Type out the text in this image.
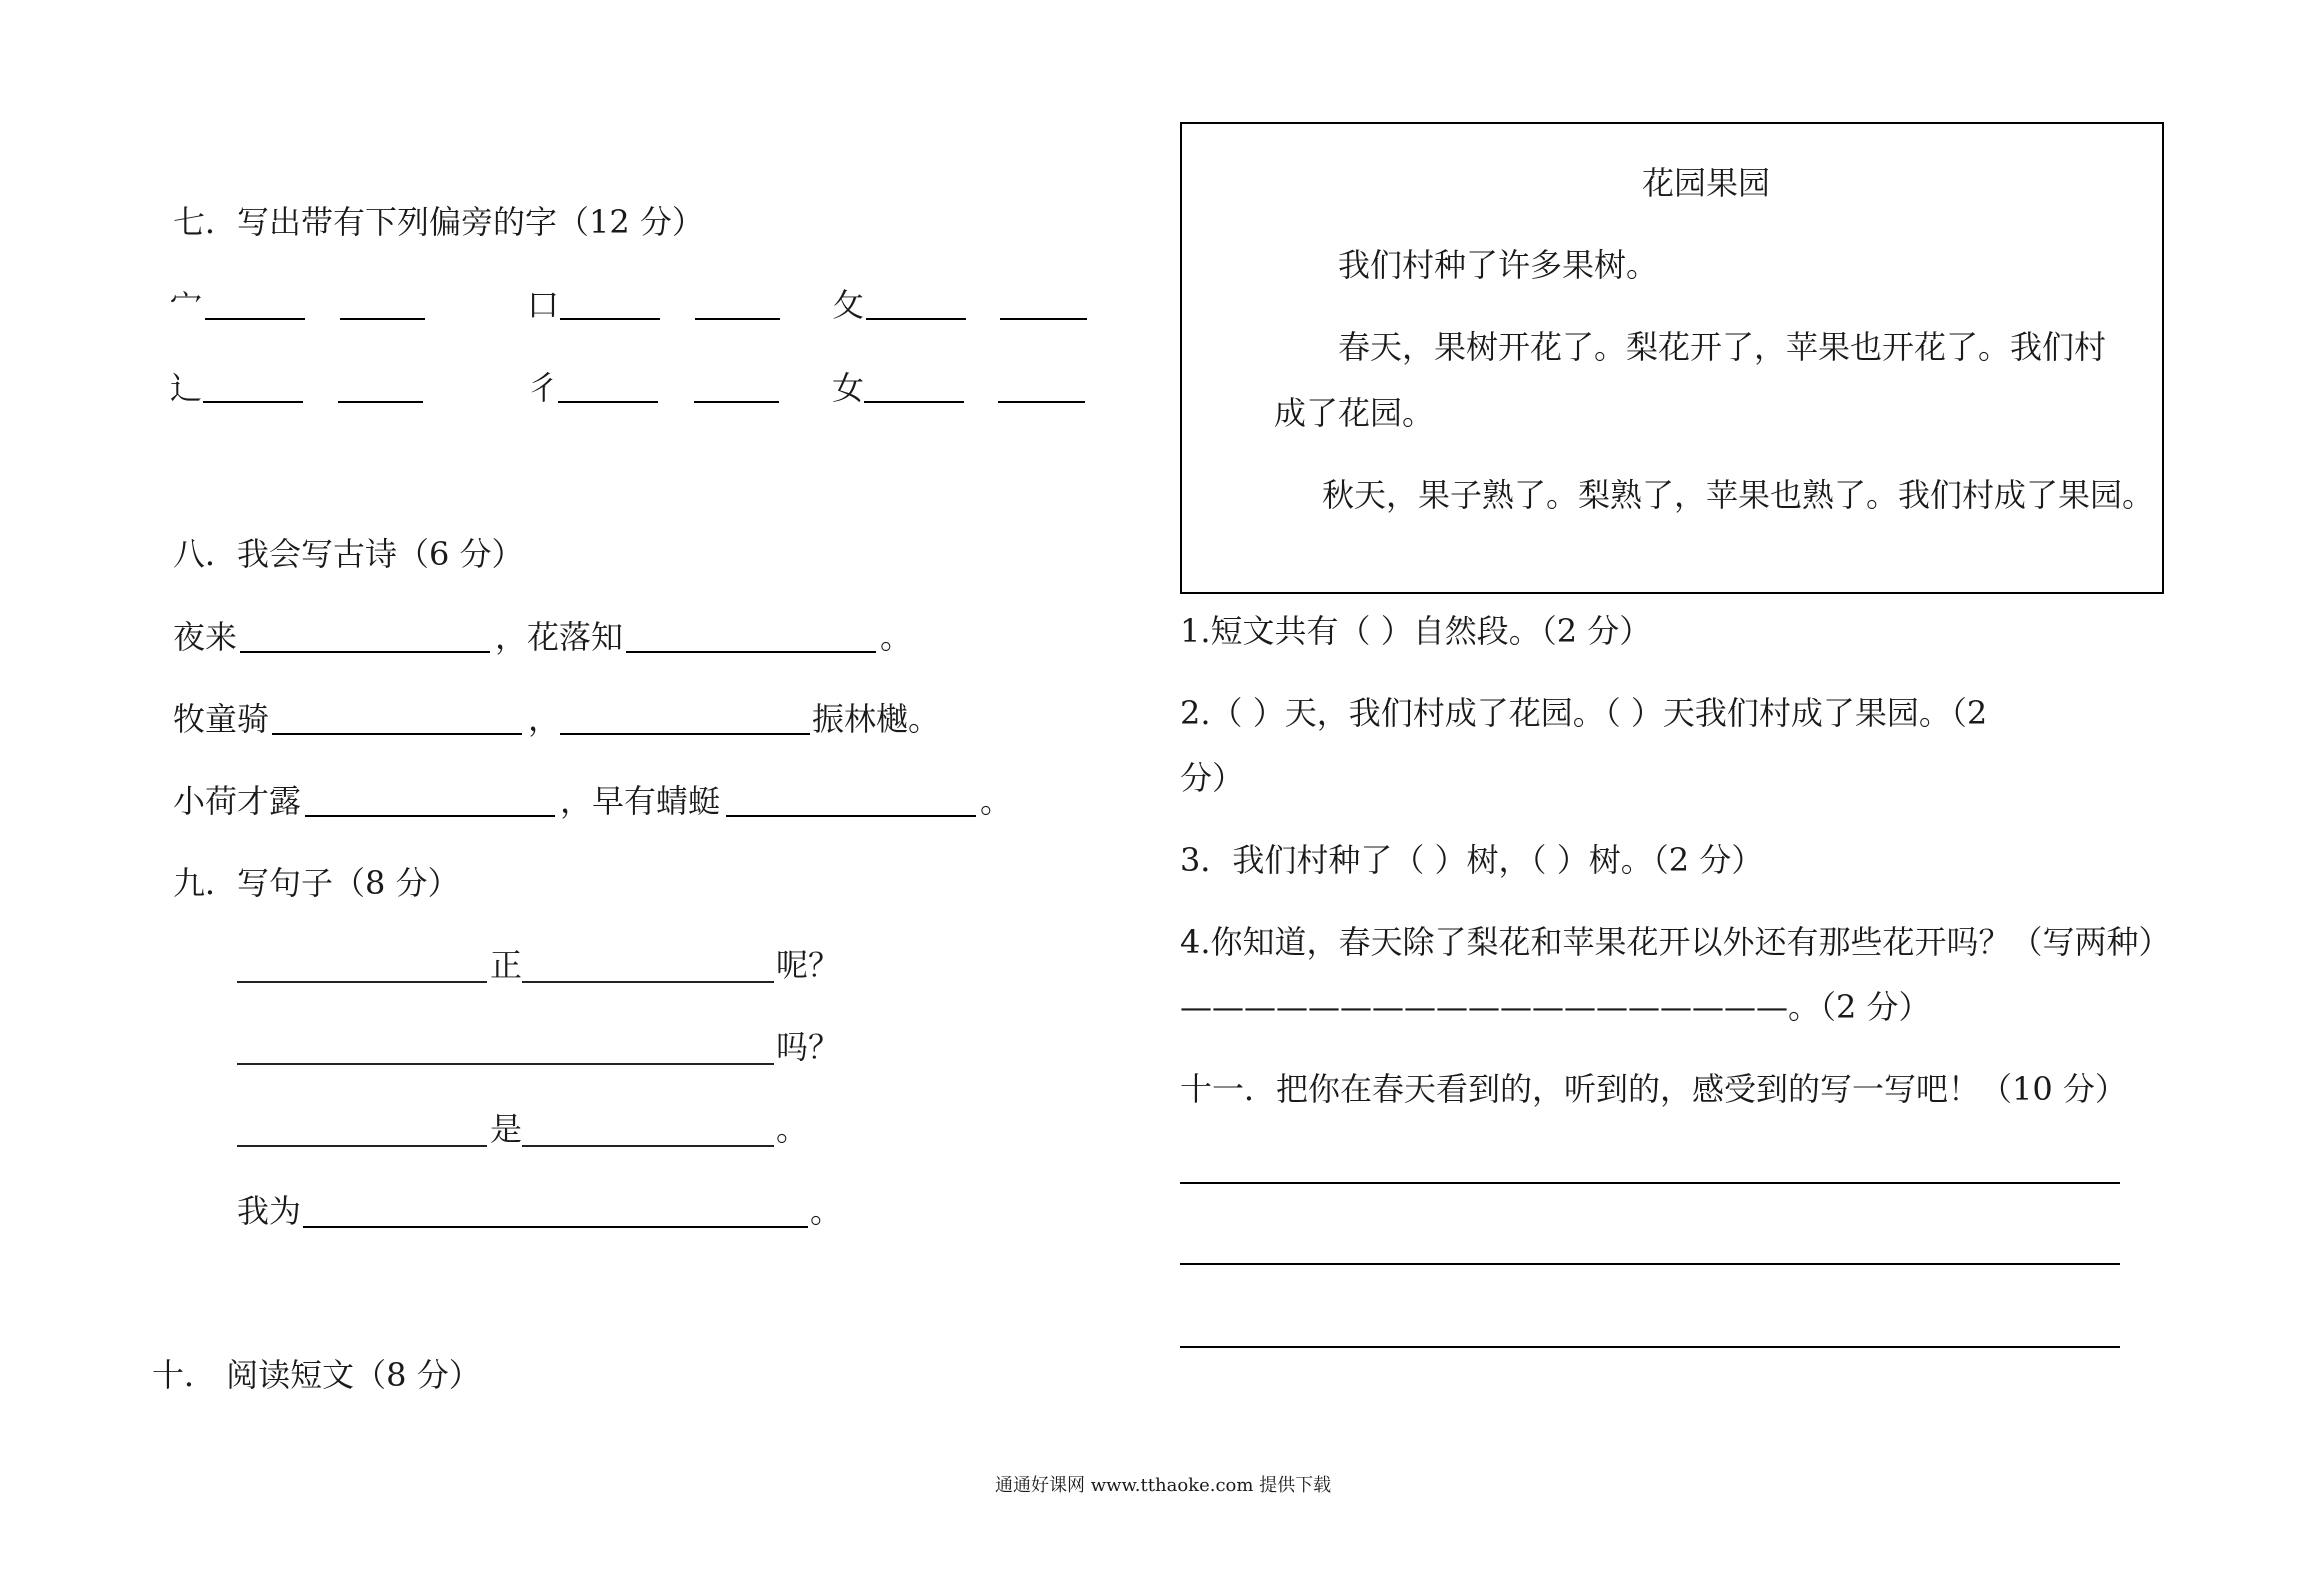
七．写出带有下列偏旁的字（12 分）
宀	口	攵
辶	彳	女
八．我会写古诗（6 分）
夜来	，花落知	。
牧童骑	，	振林樾。
小荷才露	，早有蜻蜓	。
九．写句子（8 分）
正	呢？
吗？
是	。
我为	。
十． 阅读短文（8 分）
花园果园
我们村种了许多果树。
春天，果树开花了。梨花开了，苹果也开花了。我们村
成了花园。
秋天，果子熟了。梨熟了，苹果也熟了。我们村成了果园。
1.短文共有（ ）自然段。（2 分）
2.（ ）天，我们村成了花园。（ ）天我们村成了果园。（2
分）
3．我们村种了（ ）树，（ ）树。（2 分）
4.你知道，春天除了梨花和苹果花开以外还有那些花开吗？（写两种）
———————————————————。（2 分）
十一．把你在春天看到的，听到的，感受到的写一写吧！（10 分）
通通好课网 www.tthaoke.com 提供下载
